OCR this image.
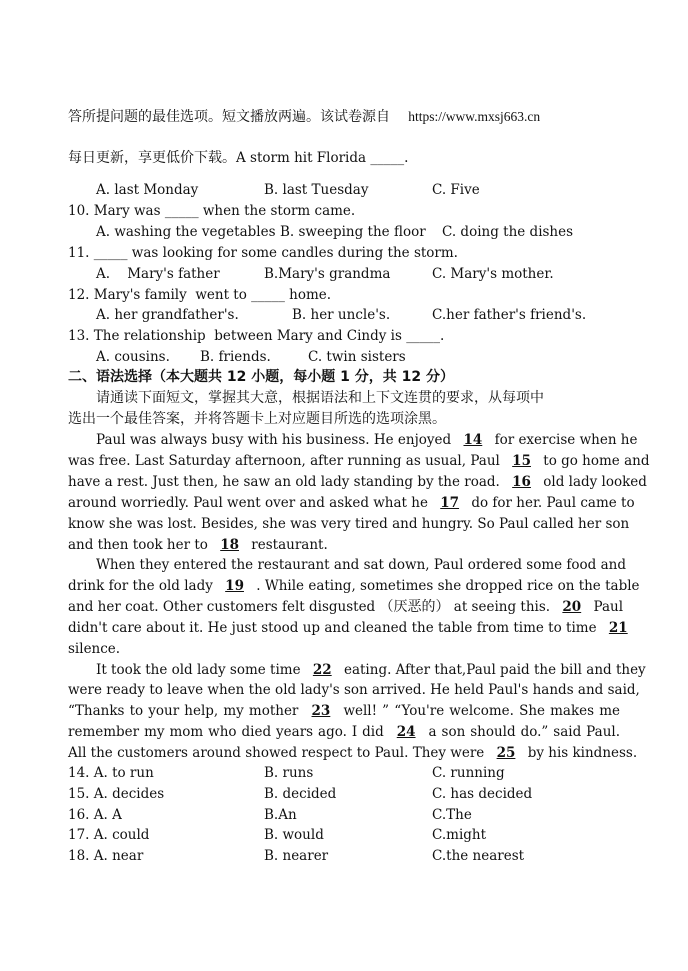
答所提问题的最佳选项。短文播放两遍。该试卷源自 https://www.mxsj663.cn
每日更新，享更低价下载。A storm hit Florida _____.
A. last Monday	B. last Tuesday	C. Five
10. Mary was _____ when the storm came.
A. washing the vegetables B. sweeping the floor C. doing the dishes
11. _____ was looking for some candles during the storm.
A.    Mary's father	B.Mary's grandma	C. Mary's mother.
12. Mary's family  went to _____ home.
A. her grandfather's.	B. her uncle's.	C.her father's friend's.
13. The relationship  between Mary and Cindy is _____.
A. cousins. B. friends.	C. twin sisters
二、语法选择（本大题共 12 小题，每小题 1 分，共 12 分）
请通读下面短文，掌握其大意，根据语法和上下文连贯的要求，从每项中
选出一个最佳答案，并将答题卡上对应题目所选的选项涂黑。
Paul was always busy with his business. He enjoyed 14 for exercise when he
was free. Last Saturday afternoon, after running as usual, Paul 15 to go home and
have a rest. Just then, he saw an old lady standing by the road. 16 old lady looked
around worriedly. Paul went over and asked what he 17 do for her. Paul came to
know she was lost. Besides, she was very tired and hungry. So Paul called her son
and then took her to 18 restaurant.
When they entered the restaurant and sat down, Paul ordered some food and
drink for the old lady 19 . While eating, sometimes she dropped rice on the table
and her coat. Other customers felt disgusted （厌恶的） at seeing this. 20 Paul
didn't care about it. He just stood up and cleaned the table from time to time 21
silence.
It took the old lady some time 22 eating. After that,Paul paid the bill and they
were ready to leave when the old lady's son arrived. He held Paul's hands and said,
“Thanks to your help, my mother 23 well! ” “You're welcome. She makes me
remember my mom who died years ago. I did 24 a son should do.” said Paul.
All the customers around showed respect to Paul. They were 25 by his kindness.
14. A. to run	B. runs	C. running
15. A. decides	B. decided	C. has decided
16. A. A	B.An	C.The
17. A. could	B. would	C.might
18. A. near	B. nearer	C.the nearest
